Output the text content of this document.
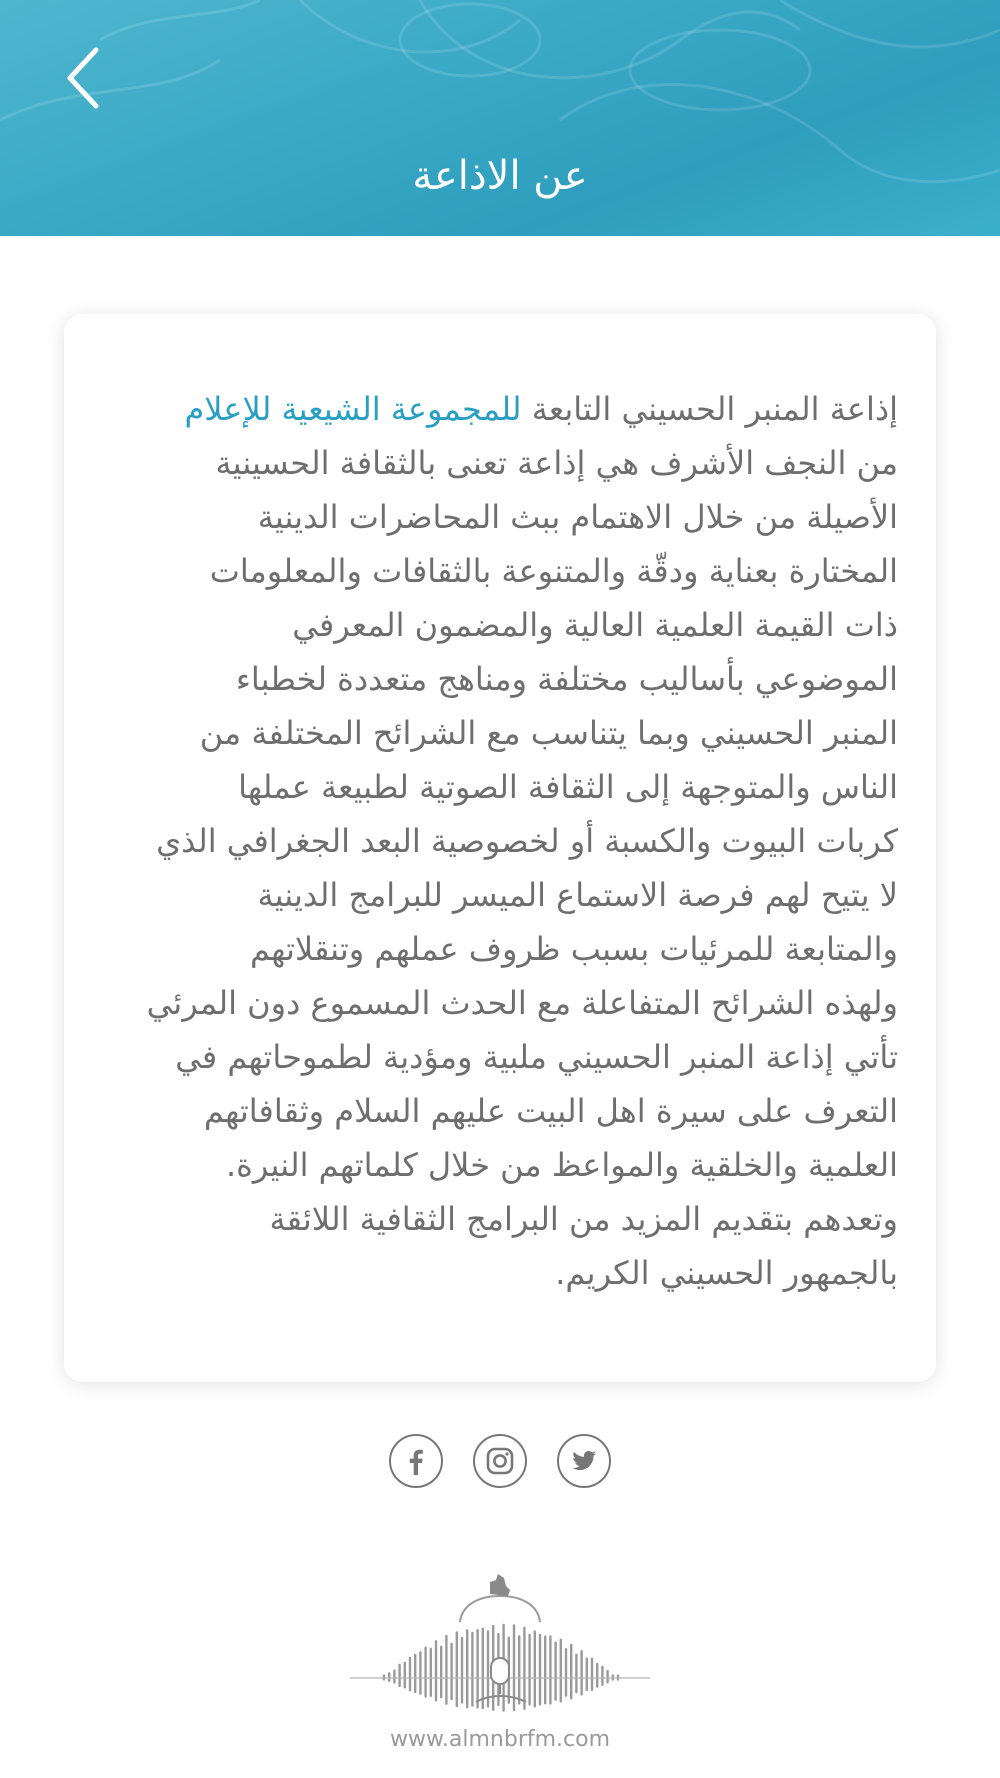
عن الاذاعة
إذاعة المنبر الحسيني التابعة للمجموعة الشيعية للإعلام
من النجف الأشرف هي إذاعة تعنى بالثقافة الحسينية
الأصيلة من خلال الاهتمام ببث المحاضرات الدينية
المختارة بعناية ودقّة والمتنوعة بالثقافات والمعلومات
ذات القيمة العلمية العالية والمضمون المعرفي
الموضوعي بأساليب مختلفة ومناهج متعددة لخطباء
المنبر الحسيني وبما يتناسب مع الشرائح المختلفة من
الناس والمتوجهة إلى الثقافة الصوتية لطبيعة عملها
كربات البيوت والكسبة أو لخصوصية البعد الجغرافي الذي
لا يتيح لهم فرصة الاستماع الميسر للبرامج الدينية
والمتابعة للمرئيات بسبب ظروف عملهم وتنقلاتهم
ولهذه الشرائح المتفاعلة مع الحدث المسموع دون المرئي
تأتي إذاعة المنبر الحسيني ملبية ومؤدية لطموحاتهم في
التعرف على سيرة اهل البيت عليهم السلام وثقافاتهم
العلمية والخلقية والمواعظ من خلال كلماتهم النيرة.
وتعدهم بتقديم المزيد من البرامج الثقافية اللائقة
بالجمهور الحسيني الكريم.
www.almnbrfm.com
